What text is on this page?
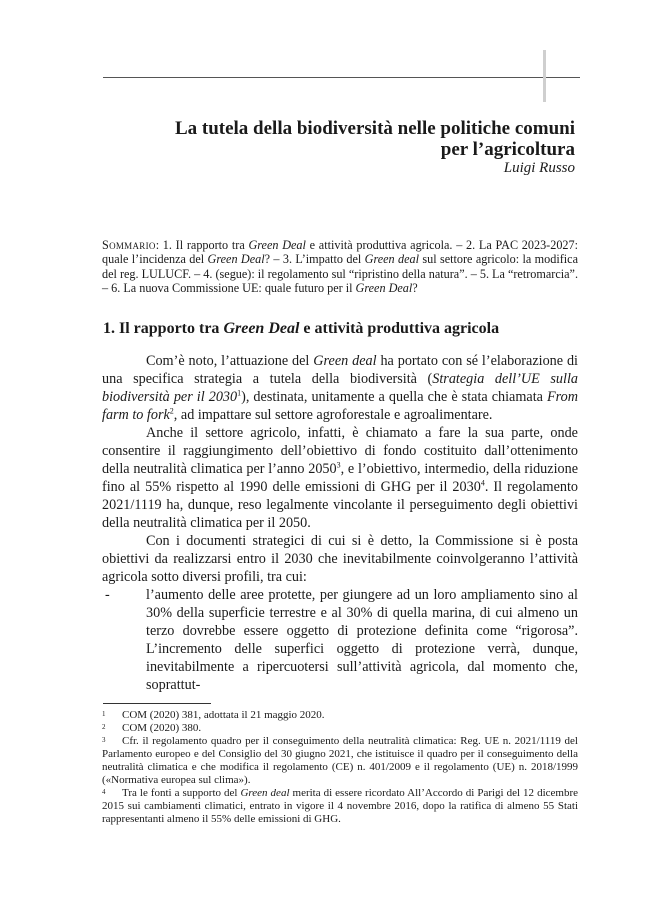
La tutela della biodiversità nelle politiche comuni
per l’agricoltura
Luigi Russo
Sommario: 1. Il rapporto tra Green Deal e attività produttiva agricola. – 2. La PAC 2023-2027: quale l’incidenza del Green Deal? – 3. L’impatto del Green deal sul settore agricolo: la modifica del reg. LULUCF. – 4. (segue): il regolamento sul “ripristino della natura”. – 5. La “retromarcia”. – 6. La nuova Commissione UE: quale futuro per il Green Deal?
1. Il rapporto tra Green Deal e attività produttiva agricola

Com’è noto, l’attuazione del Green deal ha portato con sé l’elaborazione di una specifica strategia a tutela della biodiversità (Strategia dell’UE sulla biodiversità per il 2030$^1$), destinata, unitamente a quella che è stata chiamata From farm to fork$^2$, ad impattare sul settore agroforestale e agroalimentare.

Anche il settore agricolo, infatti, è chiamato a fare la sua parte, onde consentire il raggiungimento dell’obiettivo di fondo costituito dall’ottenimento della neutralità climatica per l’anno 2050$^3$, e l’obiettivo, intermedio, della riduzione fino al 55% rispetto al 1990 delle emissioni di GHG per il 2030$^4$. Il regolamento 2021/1119 ha, dunque, reso legalmente vincolante il perseguimento degli obiettivi della neutralità climatica per il 2050.

Con i documenti strategici di cui si è detto, la Commissione si è posta obiettivi da realizzarsi entro il 2030 che inevitabilmente coinvolgeranno l’attività agricola sotto diversi profili, tra cui:

-	l’aumento delle aree protette, per giungere ad un loro ampliamento sino al 30% della superficie terrestre e al 30% di quella marina, di cui almeno un terzo dovrebbe essere oggetto di protezione definita come “rigorosa”. L’incremento delle superfici oggetto di protezione verrà, dunque, inevitabilmente a ripercuotersi sull’attività agricola, dal momento che, soprattut-

1 COM (2020) 381, adottata il 21 maggio 2020.

2 COM (2020) 380.

3 Cfr. il regolamento quadro per il conseguimento della neutralità climatica: Reg. UE n. 2021/1119 del Parlamento europeo e del Consiglio del 30 giugno 2021, che istituisce il quadro per il conseguimento della neutralità climatica e che modifica il regolamento (CE) n. 401/2009 e il regolamento (UE) n. 2018/1999 («Normativa europea sul clima»).

4 Tra le fonti a supporto del Green deal merita di essere ricordato All’Accordo di Parigi del 12 dicembre 2015 sui cambiamenti climatici, entrato in vigore il 4 novembre 2016, dopo la ratifica di almeno 55 Stati rappresentanti almeno il 55% delle emissioni di GHG.
